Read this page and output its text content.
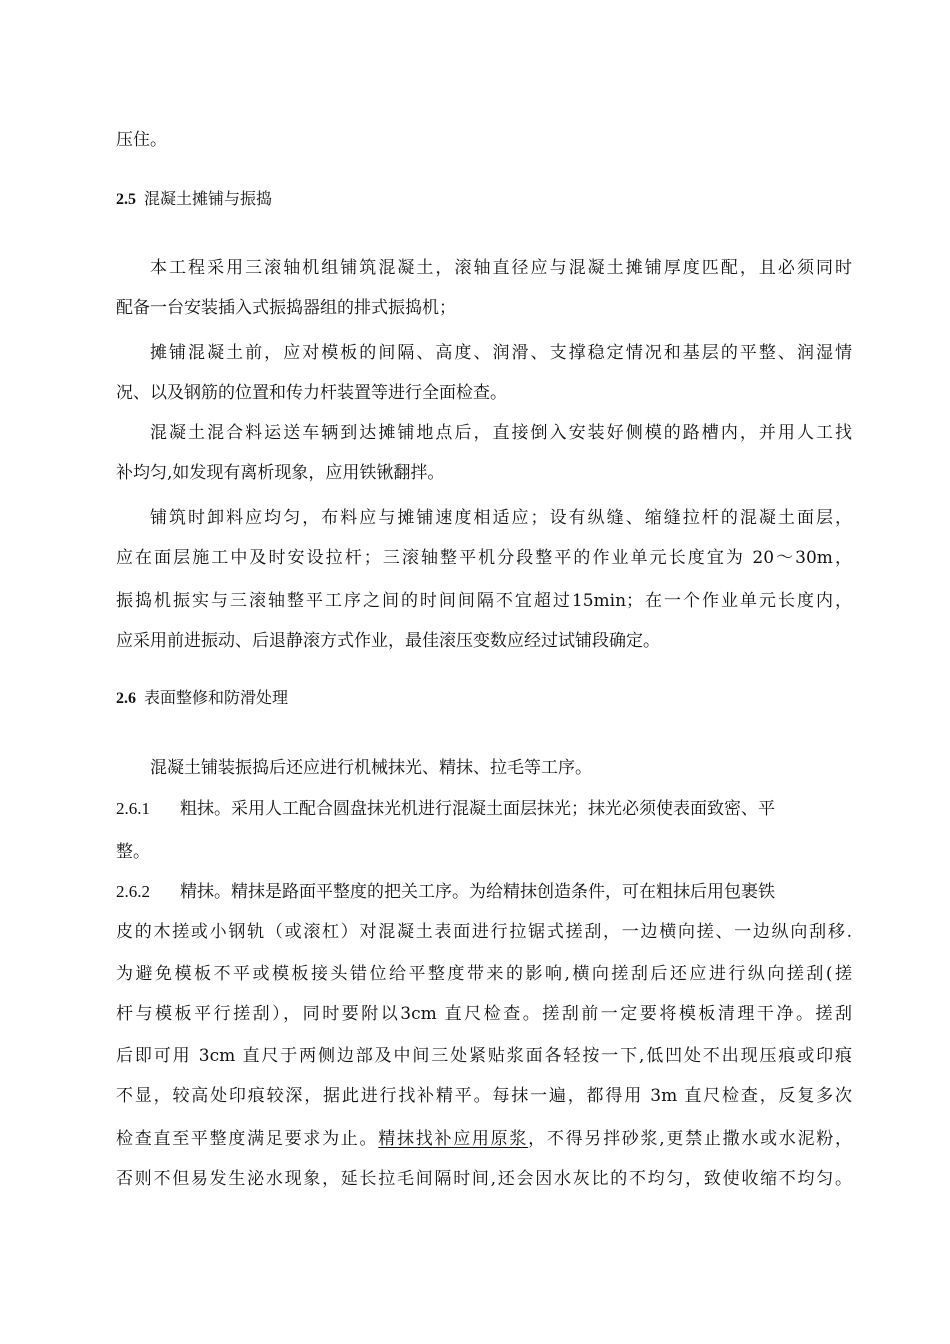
压住。
2.5 混凝土摊铺与振捣
本工程采用三滚轴机组铺筑混凝土，滚轴直径应与混凝土摊铺厚度匹配，且必须同时
配备一台安装插入式振捣器组的排式振捣机；
摊铺混凝土前，应对模板的间隔、高度、润滑、支撑稳定情况和基层的平整、润湿情
况、以及钢筋的位置和传力杆装置等进行全面检查。
混凝土混合料运送车辆到达摊铺地点后，直接倒入安装好侧模的路槽内，并用人工找
补均匀,如发现有离析现象，应用铁锹翻拌。
铺筑时卸料应均匀，布料应与摊铺速度相适应；设有纵缝、缩缝拉杆的混凝土面层，
应在面层施工中及时安设拉杆；三滚轴整平机分段整平的作业单元长度宜为 20～30m，
振捣机振实与三滚轴整平工序之间的时间间隔不宜超过15min；在一个作业单元长度内，
应采用前进振动、后退静滚方式作业，最佳滚压变数应经过试铺段确定。
2.6 表面整修和防滑处理
混凝土铺装振捣后还应进行机械抹光、精抹、拉毛等工序。
2.6.1 粗抹。采用人工配合圆盘抹光机进行混凝土面层抹光；抹光必须使表面致密、平
整。
2.6.2 精抹。精抹是路面平整度的把关工序。为给精抹创造条件，可在粗抹后用包裹铁
皮的木搓或小钢轨（或滚杠）对混凝土表面进行拉锯式搓刮，一边横向搓、一边纵向刮移.
为避免模板不平或模板接头错位给平整度带来的影响,横向搓刮后还应进行纵向搓刮(搓
杆与模板平行搓刮），同时要附以3cm 直尺检查。搓刮前一定要将模板清理干净。搓刮
后即可用 3cm 直尺于两侧边部及中间三处紧贴浆面各轻按一下,低凹处不出现压痕或印痕
不显，较高处印痕较深，据此进行找补精平。每抹一遍，都得用 3m 直尺检查，反复多次
检查直至平整度满足要求为止。精抹找补应用原浆，不得另拌砂浆,更禁止撒水或水泥粉，
否则不但易发生泌水现象，延长拉毛间隔时间,还会因水灰比的不均匀，致使收缩不均匀。
